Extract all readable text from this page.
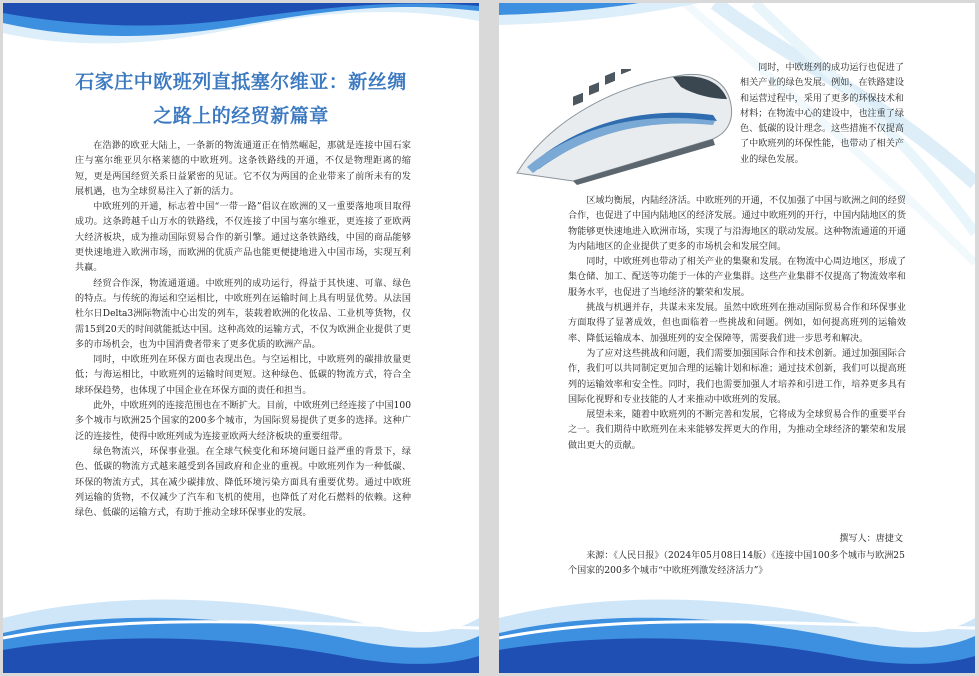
石家庄中欧班列直抵塞尔维亚：新丝绸
之路上的经贸新篇章

在浩渺的欧亚大陆上，一条新的物流通道正在悄然崛起，那就是连接中国石家庄与塞尔维亚贝尔格莱德的中欧班列。这条铁路线的开通，不仅是物理距离的缩短，更是两国经贸关系日益紧密的见证。它不仅为两国的企业带来了前所未有的发展机遇，也为全球贸易注入了新的活力。

中欧班列的开通，标志着中国“一带一路”倡议在欧洲的又一重要落地项目取得成功。这条跨越千山万水的铁路线，不仅连接了中国与塞尔维亚，更连接了亚欧两大经济板块，成为推动国际贸易合作的新引擎。通过这条铁路线，中国的商品能够更快速地进入欧洲市场，而欧洲的优质产品也能更便捷地进入中国市场，实现互利共赢。

经贸合作深，物流通道通。中欧班列的成功运行，得益于其快速、可靠、绿色的特点。与传统的海运和空运相比，中欧班列在运输时间上具有明显优势。从法国杜尔日Delta3洲际物流中心出发的列车，装载着欧洲的化妆品、工业机等货物，仅需15到20天的时间就能抵达中国。这种高效的运输方式，不仅为欧洲企业提供了更多的市场机会，也为中国消费者带来了更多优质的欧洲产品。

同时，中欧班列在环保方面也表现出色。与空运相比，中欧班列的碳排放量更低；与海运相比，中欧班列的运输时间更短。这种绿色、低碳的物流方式，符合全球环保趋势，也体现了中国企业在环保方面的责任和担当。

此外，中欧班列的连接范围也在不断扩大。目前，中欧班列已经连接了中国100多个城市与欧洲25个国家的200多个城市，为国际贸易提供了更多的选择。这种广泛的连接性，使得中欧班列成为连接亚欧两大经济板块的重要纽带。

绿色物流兴，环保事业强。在全球气候变化和环境问题日益严重的背景下，绿色、低碳的物流方式越来越受到各国政府和企业的重视。中欧班列作为一种低碳、环保的物流方式，其在减少碳排放、降低环境污染方面具有重要优势。通过中欧班列运输的货物，不仅减少了汽车和飞机的使用，也降低了对化石燃料的依赖。这种绿色、低碳的运输方式，有助于推动全球环保事业的发展。

同时，中欧班列的成功运行也促进了相关产业的绿色发展。例如，在铁路建设和运营过程中，采用了更多的环保技术和材料；在物流中心的建设中，也注重了绿色、低碳的设计理念。这些措施不仅提高了中欧班列的环保性能，也带动了相关产业的绿色发展。

区域均衡展，内陆经济活。中欧班列的开通，不仅加强了中国与欧洲之间的经贸合作，也促进了中国内陆地区的经济发展。通过中欧班列的开行，中国内陆地区的货物能够更快速地进入欧洲市场，实现了与沿海地区的联动发展。这种物流通道的开通为内陆地区的企业提供了更多的市场机会和发展空间。

同时，中欧班列也带动了相关产业的集聚和发展。在物流中心周边地区，形成了集仓储、加工、配送等功能于一体的产业集群。这些产业集群不仅提高了物流效率和服务水平，也促进了当地经济的繁荣和发展。

挑战与机遇并存，共谋未来发展。虽然中欧班列在推动国际贸易合作和环保事业方面取得了显著成效，但也面临着一些挑战和问题。例如，如何提高班列的运输效率、降低运输成本、加强班列的安全保障等，需要我们进一步思考和解决。

为了应对这些挑战和问题，我们需要加强国际合作和技术创新。通过加强国际合作，我们可以共同制定更加合理的运输计划和标准；通过技术创新，我们可以提高班列的运输效率和安全性。同时，我们也需要加强人才培养和引进工作，培养更多具有国际化视野和专业技能的人才来推动中欧班列的发展。

展望未来，随着中欧班列的不断完善和发展，它将成为全球贸易合作的重要平台之一。我们期待中欧班列在未来能够发挥更大的作用，为推动全球经济的繁荣和发展做出更大的贡献。

撰写人：唐捷文
来源：《人民日报》（2024年05月08日14版）《连接中国100多个城市与欧洲25个国家的200多个城市“中欧班列激发经济活力”》
